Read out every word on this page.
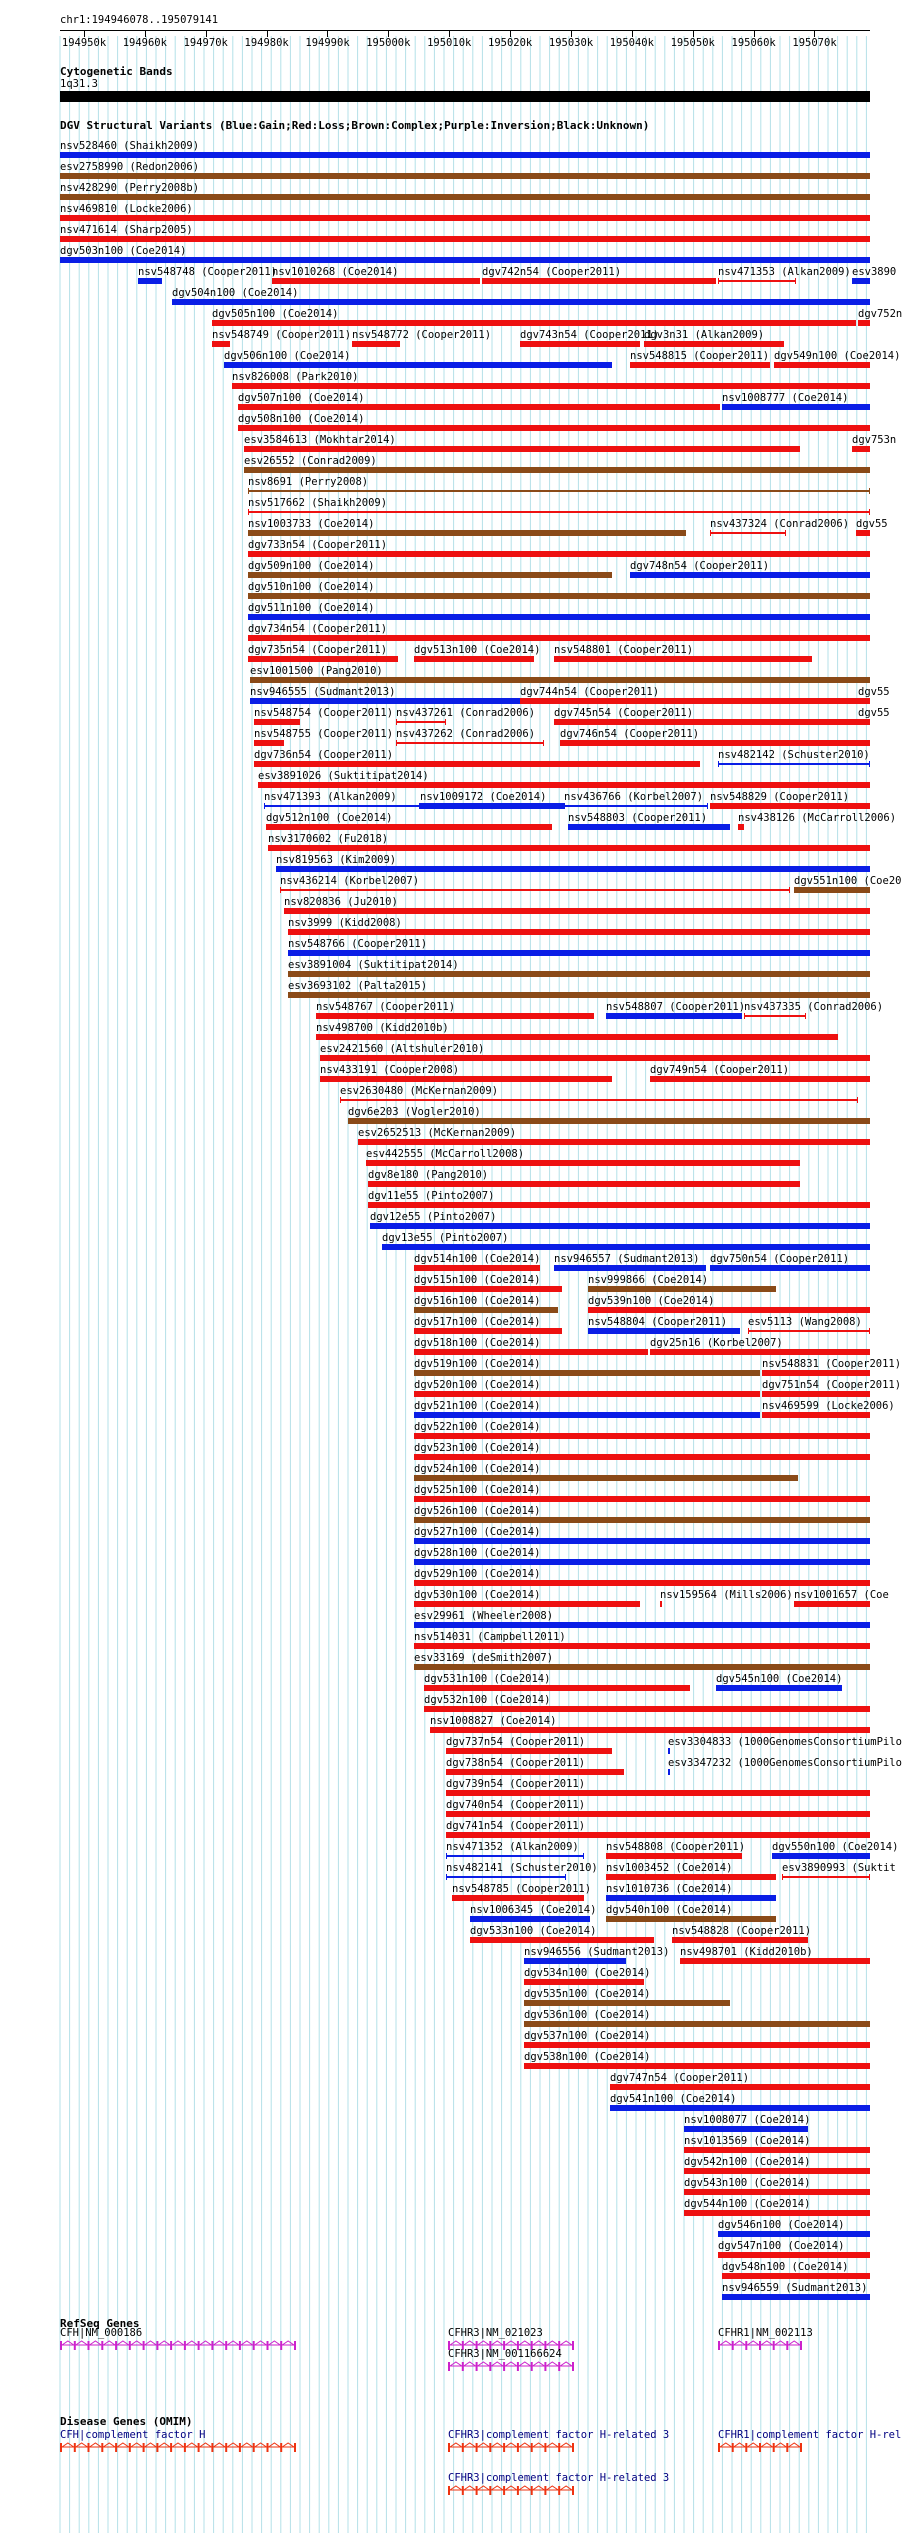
chr1:194946078..195079141
194950k 194960k 194970k 194980k 194990k 195000k 195010k 195020k 195030k 195040k 195050k 195060k 195070k
Cytogenetic Bands
1q31.3
DGV Structural Variants (Blue:Gain;Red:Loss;Brown:Complex;Purple:Inversion;Black:Unknown)
RefSeq Genes
Disease Genes (OMIM)
nsv528460 (Shaikh2009)
esv2758990 (Redon2006)
nsv428290 (Perry2008b)
nsv469810 (Locke2006)
nsv471614 (Sharp2005)
dgv503n100 (Coe2014)
nsv548748 (Cooper2011)
nsv1010268 (Coe2014)	dgv742n54 (Cooper2011)	nsv471353 (Alkan2009) esv3890
dgv504n100 (Coe2014)
dgv505n100 (Coe2014)	dgv752n
nsv548749 (Cooper2011) nsv548772 (Cooper2011)	dgv743n54 (Cooper2011)
dgv3n31 (Alkan2009)
dgv506n100 (Coe2014)	nsv548815 (Cooper2011) dgv549n100 (Coe2014)
nsv826008 (Park2010)
dgv507n100 (Coe2014)	nsv1008777 (Coe2014)
dgv508n100 (Coe2014)
esv3584613 (Mokhtar2014)	dgv753n
esv26552 (Conrad2009)
nsv8691 (Perry2008)
nsv517662 (Shaikh2009)
nsv1003733 (Coe2014)	nsv437324 (Conrad2006) dgv55
dgv733n54 (Cooper2011)
dgv509n100 (Coe2014)	dgv748n54 (Cooper2011)
dgv510n100 (Coe2014)
dgv511n100 (Coe2014)
dgv734n54 (Cooper2011)
dgv735n54 (Cooper2011)	dgv513n100 (Coe2014) nsv548801 (Cooper2011)
esv1001500 (Pang2010)
nsv946555 (Sudmant2013)	dgv744n54 (Cooper2011)	dgv55
nsv548754 (Cooper2011) nsv437261 (Conrad2006) dgv745n54 (Cooper2011)	dgv55
nsv548755 (Cooper2011) nsv437262 (Conrad2006) dgv746n54 (Cooper2011)
dgv736n54 (Cooper2011)	nsv482142 (Schuster2010)
esv3891026 (Suktitipat2014)
nsv471393 (Alkan2009) nsv1009172 (Coe2014) nsv436766 (Korbel2007) nsv548829 (Cooper2011)
dgv512n100 (Coe2014)	nsv548803 (Cooper2011)	nsv438126 (McCarroll2006)
nsv3170602 (Fu2018)
nsv819563 (Kim2009)
nsv436214 (Korbel2007)	dgv551n100 (Coe20
nsv820836 (Ju2010)
nsv3999 (Kidd2008)
nsv548766 (Cooper2011)
esv3891004 (Suktitipat2014)
esv3693102 (Palta2015)
nsv548767 (Cooper2011)	nsv548807 (Cooper2011)
nsv437335 (Conrad2006)
nsv498700 (Kidd2010b)
esv2421560 (Altshuler2010)
nsv433191 (Cooper2008)	dgv749n54 (Cooper2011)
esv2630480 (McKernan2009)
dgv6e203 (Vogler2010)
esv2652513 (McKernan2009)
esv442555 (McCarroll2008)
dgv8e180 (Pang2010)
dgv11e55 (Pinto2007)
dgv12e55 (Pinto2007)
dgv13e55 (Pinto2007)
dgv514n100 (Coe2014) nsv946557 (Sudmant2013) dgv750n54 (Cooper2011)
dgv515n100 (Coe2014)	nsv999866 (Coe2014)
dgv516n100 (Coe2014)	dgv539n100 (Coe2014)
dgv517n100 (Coe2014)	nsv548804 (Cooper2011) esv5113 (Wang2008)
dgv518n100 (Coe2014)	dgv25n16 (Korbel2007)
dgv519n100 (Coe2014)	nsv548831 (Cooper2011)
dgv520n100 (Coe2014)	dgv751n54 (Cooper2011)
dgv521n100 (Coe2014)	nsv469599 (Locke2006)
dgv522n100 (Coe2014)
dgv523n100 (Coe2014)
dgv524n100 (Coe2014)
dgv525n100 (Coe2014)
dgv526n100 (Coe2014)
dgv527n100 (Coe2014)
dgv528n100 (Coe2014)
dgv529n100 (Coe2014)
dgv530n100 (Coe2014)	nsv159564 (Mills2006) nsv1001657 (Coe
esv29961 (Wheeler2008)
nsv514031 (Campbell2011)
esv33169 (deSmith2007)
dgv531n100 (Coe2014)	dgv545n100 (Coe2014)
dgv532n100 (Coe2014)
nsv1008827 (Coe2014)
dgv737n54 (Cooper2011)	esv3304833 (1000GenomesConsortiumPilo
dgv738n54 (Cooper2011)	esv3347232 (1000GenomesConsortiumPilo
dgv739n54 (Cooper2011)
dgv740n54 (Cooper2011)
dgv741n54 (Cooper2011)
nsv471352 (Alkan2009)	nsv548808 (Cooper2011)	dgv550n100 (Coe2014)
nsv482141 (Schuster2010) nsv1003452 (Coe2014)	esv3890993 (Suktit
nsv548785 (Cooper2011) nsv1010736 (Coe2014)
nsv1006345 (Coe2014) dgv540n100 (Coe2014)
dgv533n100 (Coe2014)	nsv548828 (Cooper2011)
nsv946556 (Sudmant2013) nsv498701 (Kidd2010b)
dgv534n100 (Coe2014)
dgv535n100 (Coe2014)
dgv536n100 (Coe2014)
dgv537n100 (Coe2014)
dgv538n100 (Coe2014)
dgv747n54 (Cooper2011)
dgv541n100 (Coe2014)
nsv1008077 (Coe2014)
nsv1013569 (Coe2014)
dgv542n100 (Coe2014)
dgv543n100 (Coe2014)
dgv544n100 (Coe2014)
dgv546n100 (Coe2014)
dgv547n100 (Coe2014)
dgv548n100 (Coe2014)
nsv946559 (Sudmant2013)
CFH|NM_000186	CFHR3|NM_021023
CFHR3|NM_001166624
CFHR1|NM_002113
CFH|complement factor H	CFHR3|complement factor H-related 3	CFHR1|complement factor H-rel
CFHR3|complement factor H-related 3
